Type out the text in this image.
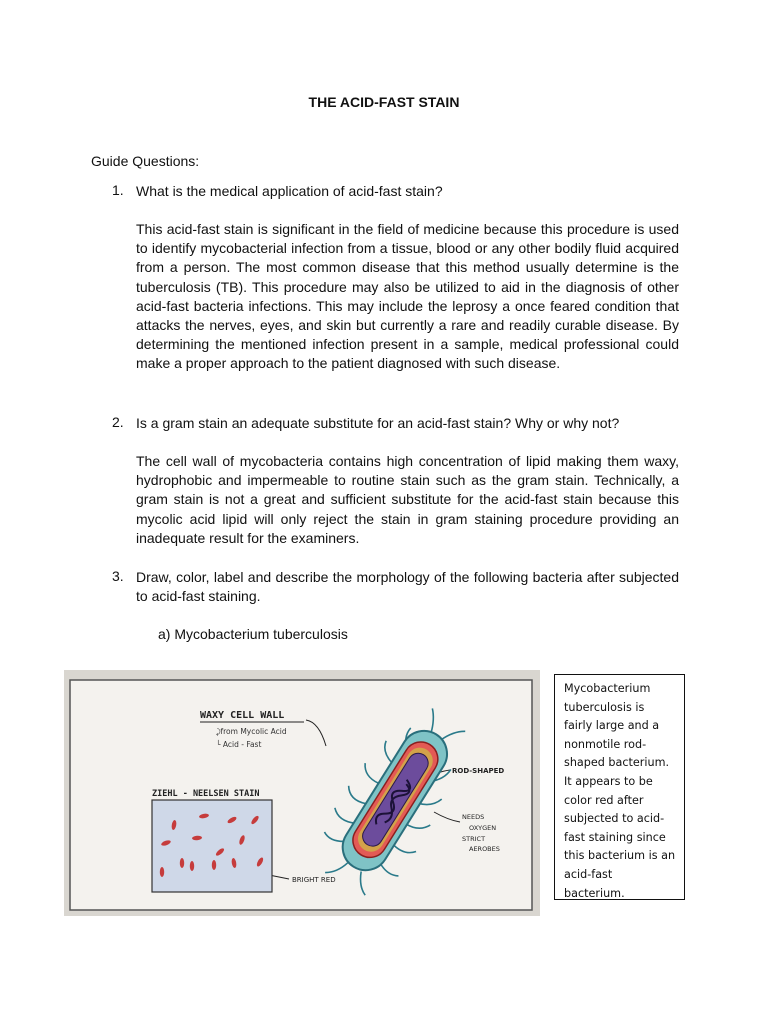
THE ACID-FAST STAIN
Guide Questions:
1. What is the medical application of acid-fast stain?
This acid-fast stain is significant in the field of medicine because this procedure is used to identify mycobacterial infection from a tissue, blood or any other bodily fluid acquired from a person. The most common disease that this method usually determine is the tuberculosis (TB). This procedure may also be utilized to aid in the diagnosis of other acid-fast bacteria infections. This may include the leprosy a once feared condition that attacks the nerves, eyes, and skin but currently a rare and readily curable disease. By determining the mentioned infection present in a sample, medical professional could make a proper approach to the patient diagnosed with such disease.
2. Is a gram stain an adequate substitute for an acid-fast stain? Why or why not?
The cell wall of mycobacteria contains high concentration of lipid making them waxy, hydrophobic and impermeable to routine stain such as the gram stain. Technically, a gram stain is not a great and sufficient substitute for the acid-fast stain because this mycolic acid lipid will only reject the stain in gram staining procedure providing an inadequate result for the examiners.
3. Draw, color, label and describe the morphology of the following bacteria after subjected to acid-fast staining.
a) Mycobacterium tuberculosis
WAXY CELL WALL
⤸from Mycolic Acid
└ Acid - Fast
ZIEHL - NEELSEN STAIN
ROD-SHAPED
NEEDS
OXYGEN
STRICT
AEROBES
BRIGHT RED
Mycobacterium tuberculosis is fairly large and a nonmotile rod-shaped bacterium. It appears to be color red after subjected to acid-fast staining since this bacterium is an acid-fast bacterium.
